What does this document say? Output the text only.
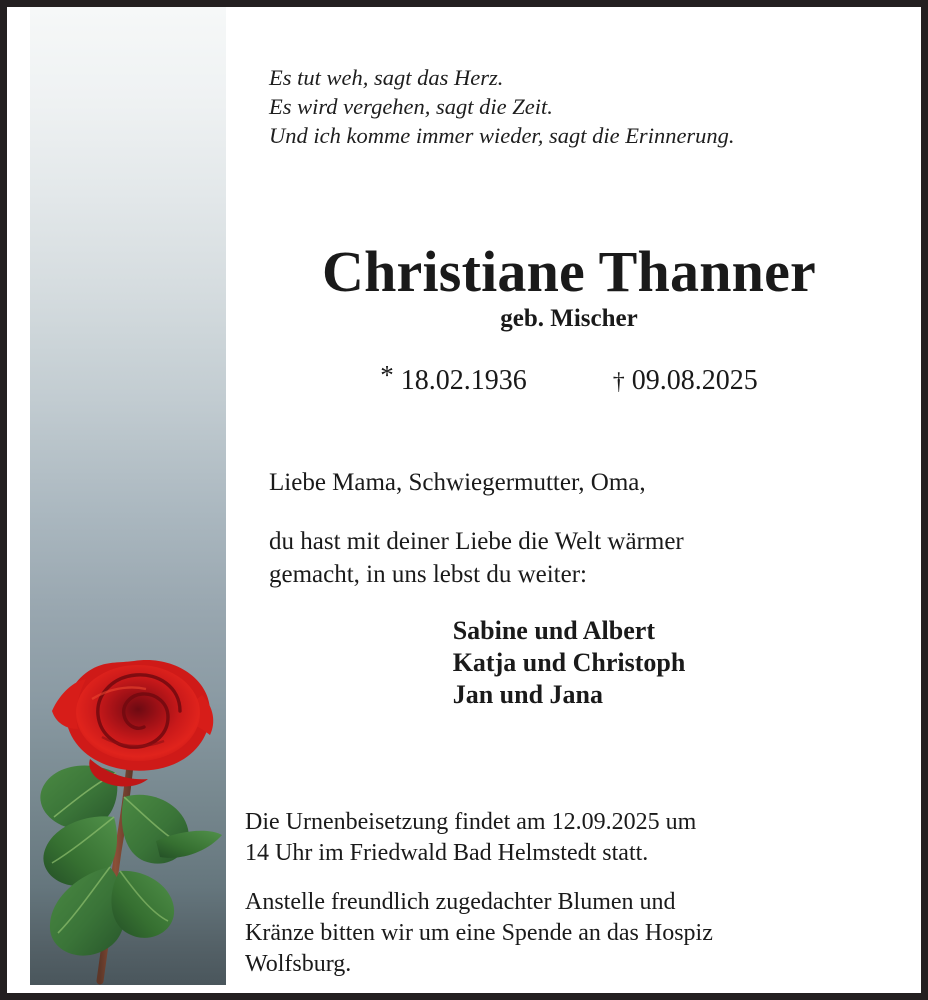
Es tut weh, sagt das Herz.
Es wird vergehen, sagt die Zeit.
Und ich komme immer wieder, sagt die Erinnerung.
Christiane Thanner
geb. Mischer
* 18.02.1936	† 09.08.2025
Liebe Mama, Schwiegermutter, Oma,
du hast mit deiner Liebe die Welt wärmer
gemacht, in uns lebst du weiter:
Sabine und Albert
Katja und Christoph
Jan und Jana
Die Urnenbeisetzung findet am 12.09.2025 um
14 Uhr im Friedwald Bad Helmstedt statt.
Anstelle freundlich zugedachter Blumen und
Kränze bitten wir um eine Spende an das Hospiz
Wolfsburg.
